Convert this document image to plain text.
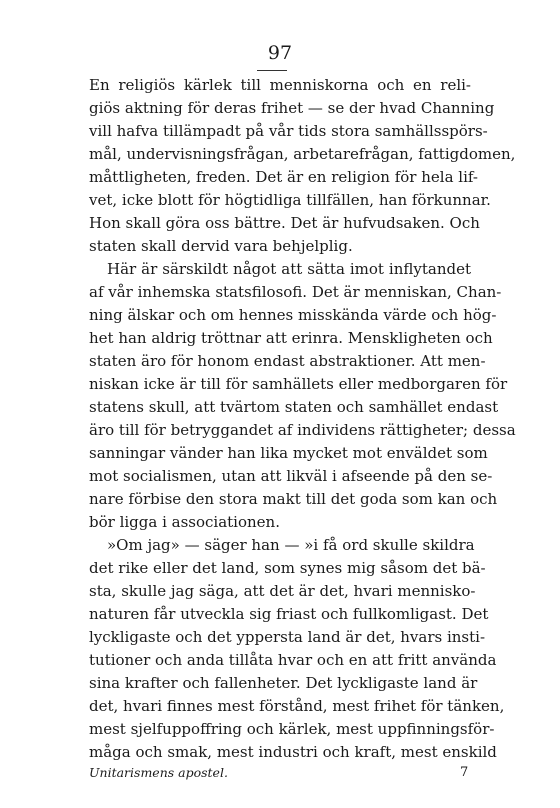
97
En religiös kärlek till menniskorna och en reli-
giös aktning för deras frihet — se der hvad Channing
vill hafva tillämpadt på vår tids stora samhällsspörs-
mål, undervisningsfrågan, arbetarefrågan, fattigdomen,
måttligheten, freden. Det är en religion för hela lif-
vet, icke blott för högtidliga tillfällen, han förkunnar.
Hon skall göra oss bättre. Det är hufvudsaken. Och
staten skall dervid vara behjelplig.
Här är särskildt något att sätta imot inflytandet
af vår inhemska statsfilosofi. Det är menniskan, Chan-
ning älskar och om hennes misskända värde och hög-
het han aldrig tröttnar att erinra. Menskligheten och
staten äro för honom endast abstraktioner. Att men-
niskan icke är till för samhällets eller medborgaren för
statens skull, att tvärtom staten och samhället endast
äro till för betryggandet af individens rättigheter; dessa
sanningar vänder han lika mycket mot enväldet som
mot socialismen, utan att likväl i afseende på den se-
nare förbise den stora makt till det goda som kan och
bör ligga i associationen.
»Om jag» — säger han — »i få ord skulle skildra
det rike eller det land, som synes mig såsom det bä-
sta, skulle jag säga, att det är det, hvari mennisko-
naturen får utveckla sig friast och fullkomligast. Det
lyckligaste och det yppersta land är det, hvars insti-
tutioner och anda tillåta hvar och en att fritt använda
sina krafter och fallenheter. Det lyckligaste land är
det, hvari finnes mest förstånd, mest frihet för tänken,
mest sjelfuppoffring och kärlek, mest uppfinningsför-
måga och smak, mest industri och kraft, mest enskild
Unitarismens apostel.	7
